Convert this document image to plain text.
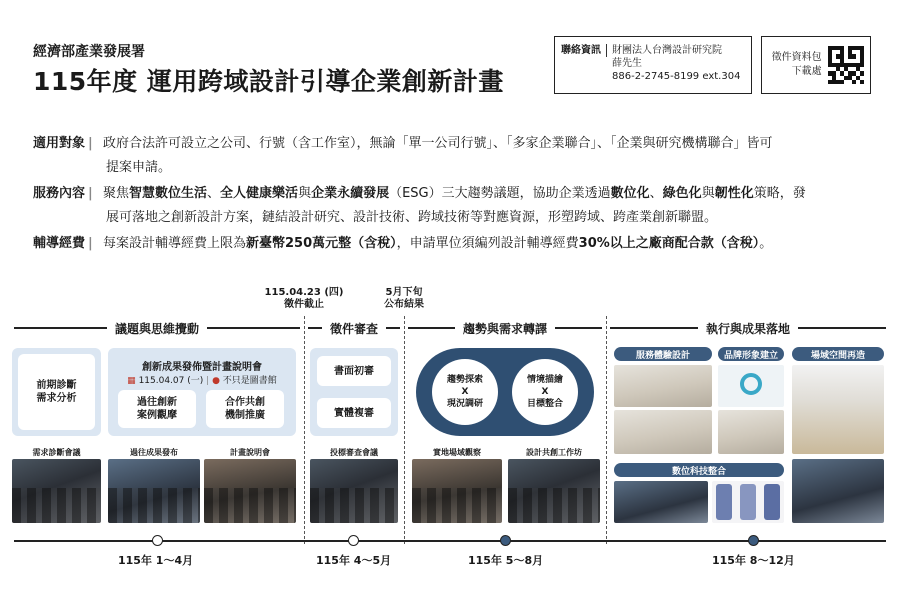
經濟部產業發展署
115年度 運用跨域設計引導企業創新計畫
聯絡資訊	財團法人台灣設計研究院
薛先生
886-2-2745-8199 ext.304
徵件資料包
下載處
適用對象 | 政府合法許可設立之公司、行號（含工作室），無論「單一公司行號」、「多家企業聯合」、「企業與研究機構聯合」皆可
提案申請。
服務內容 | 聚焦智慧數位生活、全人健康樂活與企業永續發展（ESG）三大趨勢議題，協助企業透過數位化、綠色化與韌性化策略，發
展可落地之創新設計方案，鏈結設計研究、設計技術、跨域技術等對應資源，形塑跨域、跨產業創新聯盟。
輔導經費 | 每案設計輔導經費上限為新臺幣250萬元整（含稅），申請單位須編列設計輔導經費30%以上之廠商配合款（含稅）。
115.04.23 (四)
徵件截止
5月下旬
公布結果
議題與思維攪動	徵件審查	趨勢與需求轉譯	執行與成果落地
前期診斷
需求分析
創新成果發佈暨計畫說明會
▦ 115.04.07 (一) | ● 不只是圖書館
過往創新
案例觀摩
合作共創
機制推廣
需求診斷會議	過往成果發布	計畫說明會
書面初審
實體複審
投標審查會議
趨勢探索
X
現況調研
情境描繪
X
目標整合
實地場域觀察	設計共創工作坊
服務體驗設計	品牌形象建立	場域空間再造
數位科技整合
115年 1〜4月	115年 4〜5月	115年 5〜8月	115年 8〜12月
